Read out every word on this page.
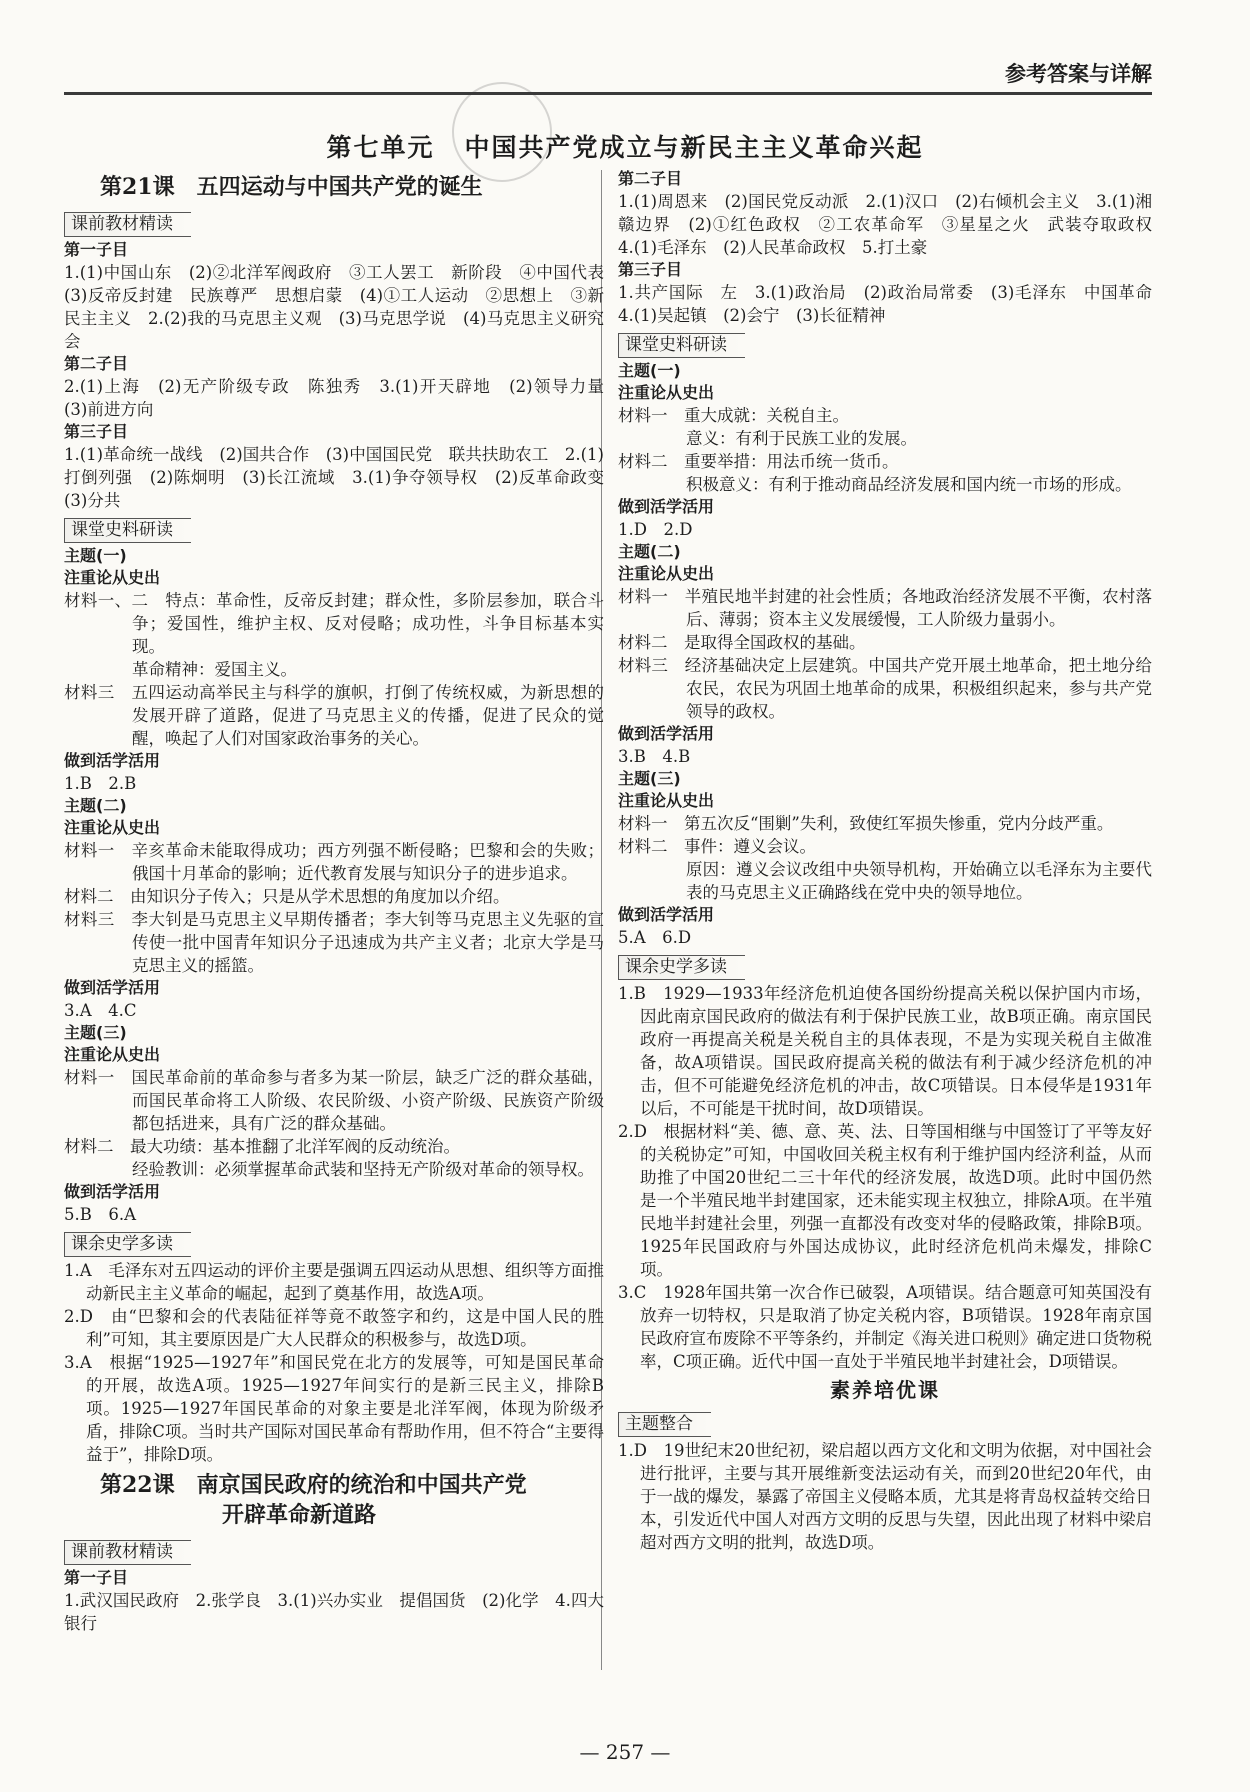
参考答案与详解
第七单元 中国共产党成立与新民主主义革命兴起
第21课　五四运动与中国共产党的诞生
课前教材精读
第一子目

1.(1)中国山东　(2)②北洋军阀政府　③工人罢工　新阶段　④中国代表　(3)反帝反封建　民族尊严　思想启蒙　(4)①工人运动　②思想上　③新民主主义　2.(2)我的马克思主义观　(3)马克思学说　(4)马克思主义研究会

第二子目

2.(1)上海　(2)无产阶级专政　陈独秀　3.(1)开天辟地　(2)领导力量　(3)前进方向

第三子目

1.(1)革命统一战线　(2)国共合作　(3)中国国民党　联共扶助农工　2.(1)打倒列强　(2)陈炯明　(3)长江流域　3.(1)争夺领导权　(2)反革命政变　(3)分共

课堂史料研读
主题(一)
注重论从史出

材料一、二　特点：革命性，反帝反封建；群众性，多阶层参加，联合斗争；爱国性，维护主权、反对侵略；成功性，斗争目标基本实现。

革命精神：爱国主义。

材料三　五四运动高举民主与科学的旗帜，打倒了传统权威，为新思想的发展开辟了道路，促进了马克思主义的传播，促进了民众的觉醒，唤起了人们对国家政治事务的关心。

做到活学活用

1.B　2.B

主题(二)
注重论从史出

材料一　辛亥革命未能取得成功；西方列强不断侵略；巴黎和会的失败；俄国十月革命的影响；近代教育发展与知识分子的进步追求。

材料二　由知识分子传入；只是从学术思想的角度加以介绍。

材料三　李大钊是马克思主义早期传播者；李大钊等马克思主义先驱的宣传使一批中国青年知识分子迅速成为共产主义者；北京大学是马克思主义的摇篮。

做到活学活用

3.A　4.C

主题(三)
注重论从史出

材料一　国民革命前的革命参与者多为某一阶层，缺乏广泛的群众基础，而国民革命将工人阶级、农民阶级、小资产阶级、民族资产阶级都包括进来，具有广泛的群众基础。

材料二　最大功绩：基本推翻了北洋军阀的反动统治。

经验教训：必须掌握革命武装和坚持无产阶级对革命的领导权。

做到活学活用

5.B　6.A

课余史学多读

1.A　毛泽东对五四运动的评价主要是强调五四运动从思想、组织等方面推动新民主主义革命的崛起，起到了奠基作用，故选A项。

2.D　由“巴黎和会的代表陆征祥等竟不敢签字和约，这是中国人民的胜利”可知，其主要原因是广大人民群众的积极参与，故选D项。

3.A　根据“1925—1927年”和国民党在北方的发展等，可知是国民革命的开展，故选A项。1925—1927年间实行的是新三民主义，排除B项。1925—1927年国民革命的对象主要是北洋军阀，体现为阶级矛盾，排除C项。当时共产国际对国民革命有帮助作用，但不符合“主要得益于”，排除D项。

第22课　南京国民政府的统治和中国共产党
开辟革命新道路
课前教材精读
第一子目

1.武汉国民政府　2.张学良　3.(1)兴办实业　提倡国货　(2)化学　4.四大银行

第二子目

1.(1)周恩来　(2)国民党反动派　2.(1)汉口　(2)右倾机会主义　3.(1)湘赣边界　(2)①红色政权　②工农革命军　③星星之火　武装夺取政权　4.(1)毛泽东　(2)人民革命政权　5.打土豪

第三子目

1.共产国际　左　3.(1)政治局　(2)政治局常委　(3)毛泽东　中国革命　4.(1)吴起镇　(2)会宁　(3)长征精神

课堂史料研读
主题(一)
注重论从史出

材料一　重大成就：关税自主。

意义：有利于民族工业的发展。

材料二　重要举措：用法币统一货币。

积极意义：有利于推动商品经济发展和国内统一市场的形成。

做到活学活用

1.D　2.D

主题(二)
注重论从史出

材料一　半殖民地半封建的社会性质；各地政治经济发展不平衡，农村落后、薄弱；资本主义发展缓慢，工人阶级力量弱小。

材料二　是取得全国政权的基础。

材料三　经济基础决定上层建筑。中国共产党开展土地革命，把土地分给农民，农民为巩固土地革命的成果，积极组织起来，参与共产党领导的政权。

做到活学活用

3.B　4.B

主题(三)
注重论从史出

材料一　第五次反“围剿”失利，致使红军损失惨重，党内分歧严重。

材料二　事件：遵义会议。

原因：遵义会议改组中央领导机构，开始确立以毛泽东为主要代表的马克思主义正确路线在党中央的领导地位。

做到活学活用

5.A　6.D

课余史学多读

1.B　1929—1933年经济危机迫使各国纷纷提高关税以保护国内市场，因此南京国民政府的做法有利于保护民族工业，故B项正确。南京国民政府一再提高关税是关税自主的具体表现，不是为实现关税自主做准备，故A项错误。国民政府提高关税的做法有利于减少经济危机的冲击，但不可能避免经济危机的冲击，故C项错误。日本侵华是1931年以后，不可能是干扰时间，故D项错误。

2.D　根据材料“美、德、意、英、法、日等国相继与中国签订了平等友好的关税协定”可知，中国收回关税主权有利于维护国内经济利益，从而助推了中国20世纪二三十年代的经济发展，故选D项。此时中国仍然是一个半殖民地半封建国家，还未能实现主权独立，排除A项。在半殖民地半封建社会里，列强一直都没有改变对华的侵略政策，排除B项。1925年民国政府与外国达成协议，此时经济危机尚未爆发，排除C项。

3.C　1928年国共第一次合作已破裂，A项错误。结合题意可知英国没有放弃一切特权，只是取消了协定关税内容，B项错误。1928年南京国民政府宣布废除不平等条约，并制定《海关进口税则》确定进口货物税率，C项正确。近代中国一直处于半殖民地半封建社会，D项错误。

素养培优课
主题整合

1.D　19世纪末20世纪初，梁启超以西方文化和文明为依据，对中国社会进行批评，主要与其开展维新变法运动有关，而到20世纪20年代，由于一战的爆发，暴露了帝国主义侵略本质，尤其是将青岛权益转交给日本，引发近代中国人对西方文明的反思与失望，因此出现了材料中梁启超对西方文明的批判，故选D项。

— 257 —
